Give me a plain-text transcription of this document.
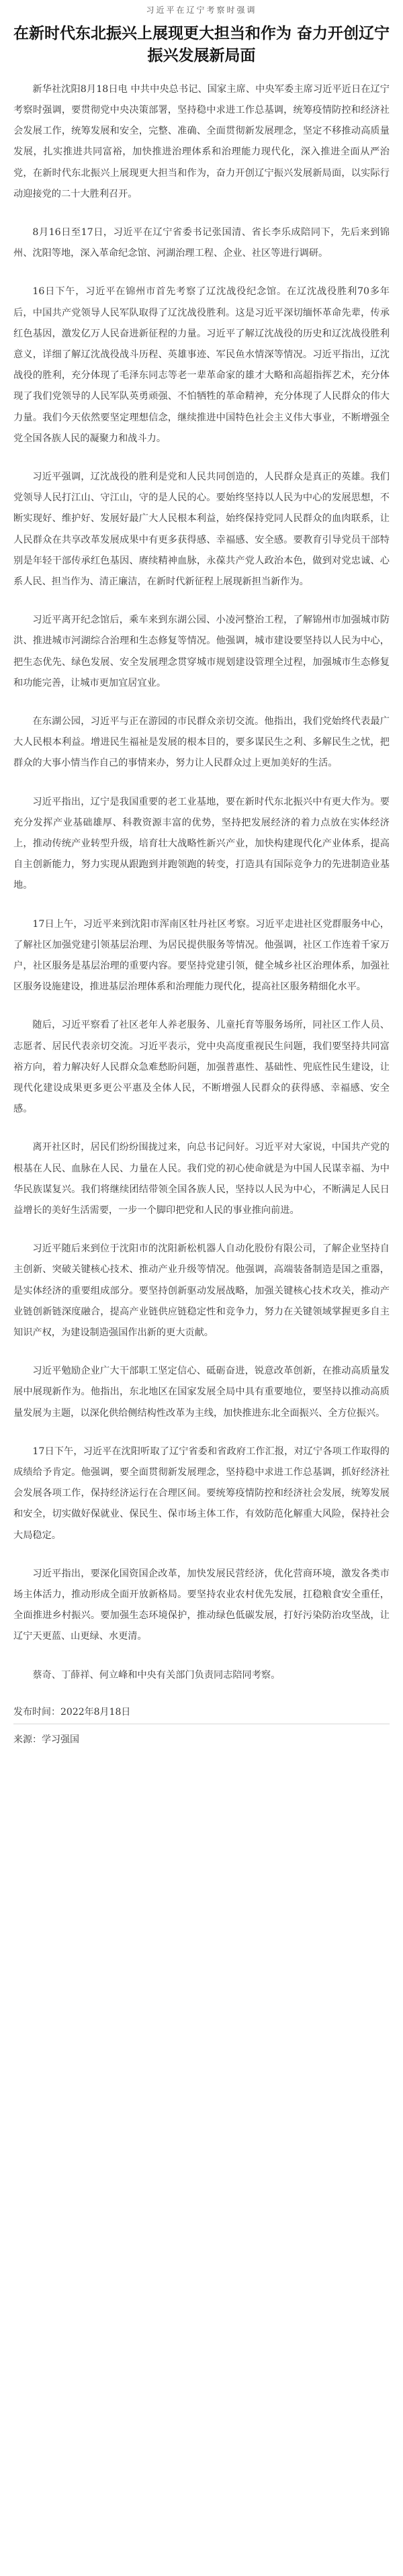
习近平在辽宁考察时强调
在新时代东北振兴上展现更大担当和作为 奋力开创辽宁振兴发展新局面

新华社沈阳8月18日电 中共中央总书记、国家主席、中央军委主席习近平近日在辽宁考察时强调，要贯彻党中央决策部署，坚持稳中求进工作总基调，统筹疫情防控和经济社会发展工作，统筹发展和安全，完整、准确、全面贯彻新发展理念，坚定不移推动高质量发展，扎实推进共同富裕，加快推进治理体系和治理能力现代化，深入推进全面从严治党，在新时代东北振兴上展现更大担当和作为，奋力开创辽宁振兴发展新局面，以实际行动迎接党的二十大胜利召开。

8月16日至17日，习近平在辽宁省委书记张国清、省长李乐成陪同下，先后来到锦州、沈阳等地，深入革命纪念馆、河湖治理工程、企业、社区等进行调研。

16日下午，习近平在锦州市首先考察了辽沈战役纪念馆。在辽沈战役胜利70多年后，中国共产党领导人民军队取得了辽沈战役胜利。这是习近平深切缅怀革命先辈，传承红色基因，激发亿万人民奋进新征程的力量。习近平了解辽沈战役的历史和辽沈战役胜利意义，详细了解辽沈战役战斗历程、英雄事迹、军民鱼水情深等情况。习近平指出，辽沈战役的胜利，充分体现了毛泽东同志等老一辈革命家的雄才大略和高超指挥艺术，充分体现了我们党领导的人民军队英勇顽强、不怕牺牲的革命精神，充分体现了人民群众的伟大力量。我们今天依然要坚定理想信念，继续推进中国特色社会主义伟大事业，不断增强全党全国各族人民的凝聚力和战斗力。

习近平强调，辽沈战役的胜利是党和人民共同创造的，人民群众是真正的英雄。我们党领导人民打江山、守江山，守的是人民的心。要始终坚持以人民为中心的发展思想，不断实现好、维护好、发展好最广大人民根本利益，始终保持党同人民群众的血肉联系，让人民群众在共享改革发展成果中有更多获得感、幸福感、安全感。要教育引导党员干部特别是年轻干部传承红色基因、赓续精神血脉，永葆共产党人政治本色，做到对党忠诚、心系人民、担当作为、清正廉洁，在新时代新征程上展现新担当新作为。

习近平离开纪念馆后，乘车来到东湖公园、小凌河整治工程，了解锦州市加强城市防洪、推进城市河湖综合治理和生态修复等情况。他强调，城市建设要坚持以人民为中心，把生态优先、绿色发展、安全发展理念贯穿城市规划建设管理全过程，加强城市生态修复和功能完善，让城市更加宜居宜业。

在东湖公园，习近平与正在游园的市民群众亲切交流。他指出，我们党始终代表最广大人民根本利益。增进民生福祉是发展的根本目的，要多谋民生之利、多解民生之忧，把群众的大事小情当作自己的事情来办，努力让人民群众过上更加美好的生活。

习近平指出，辽宁是我国重要的老工业基地，要在新时代东北振兴中有更大作为。要充分发挥产业基础雄厚、科教资源丰富的优势，坚持把发展经济的着力点放在实体经济上，推动传统产业转型升级，培育壮大战略性新兴产业，加快构建现代化产业体系，提高自主创新能力，努力实现从跟跑到并跑领跑的转变，打造具有国际竞争力的先进制造业基地。

17日上午，习近平来到沈阳市浑南区牡丹社区考察。习近平走进社区党群服务中心，了解社区加强党建引领基层治理、为居民提供服务等情况。他强调，社区工作连着千家万户，社区服务是基层治理的重要内容。要坚持党建引领，健全城乡社区治理体系，加强社区服务设施建设，推进基层治理体系和治理能力现代化，提高社区服务精细化水平。

随后，习近平察看了社区老年人养老服务、儿童托育等服务场所，同社区工作人员、志愿者、居民代表亲切交流。习近平表示，党中央高度重视民生问题，我们要坚持共同富裕方向，着力解决好人民群众急难愁盼问题，加强普惠性、基础性、兜底性民生建设，让现代化建设成果更多更公平惠及全体人民，不断增强人民群众的获得感、幸福感、安全感。

离开社区时，居民们纷纷围拢过来，向总书记问好。习近平对大家说，中国共产党的根基在人民、血脉在人民、力量在人民。我们党的初心使命就是为中国人民谋幸福、为中华民族谋复兴。我们将继续团结带领全国各族人民，坚持以人民为中心，不断满足人民日益增长的美好生活需要，一步一个脚印把党和人民的事业推向前进。

习近平随后来到位于沈阳市的沈阳新松机器人自动化股份有限公司，了解企业坚持自主创新、突破关键核心技术、推动产业升级等情况。他强调，高端装备制造是国之重器，是实体经济的重要组成部分。要坚持创新驱动发展战略，加强关键核心技术攻关，推动产业链创新链深度融合，提高产业链供应链稳定性和竞争力，努力在关键领域掌握更多自主知识产权，为建设制造强国作出新的更大贡献。

习近平勉励企业广大干部职工坚定信心、砥砺奋进，锐意改革创新，在推动高质量发展中展现新作为。他指出，东北地区在国家发展全局中具有重要地位，要坚持以推动高质量发展为主题，以深化供给侧结构性改革为主线，加快推进东北全面振兴、全方位振兴。

17日下午，习近平在沈阳听取了辽宁省委和省政府工作汇报，对辽宁各项工作取得的成绩给予肯定。他强调，要全面贯彻新发展理念，坚持稳中求进工作总基调，抓好经济社会发展各项工作，保持经济运行在合理区间。要统筹疫情防控和经济社会发展，统筹发展和安全，切实做好保就业、保民生、保市场主体工作，有效防范化解重大风险，保持社会大局稳定。

习近平指出，要深化国资国企改革，加快发展民营经济，优化营商环境，激发各类市场主体活力，推动形成全面开放新格局。要坚持农业农村优先发展，扛稳粮食安全重任，全面推进乡村振兴。要加强生态环境保护，推动绿色低碳发展，打好污染防治攻坚战，让辽宁天更蓝、山更绿、水更清。

蔡奇、丁薛祥、何立峰和中央有关部门负责同志陪同考察。

发布时间：2022年8月18日

来源：学习强国
